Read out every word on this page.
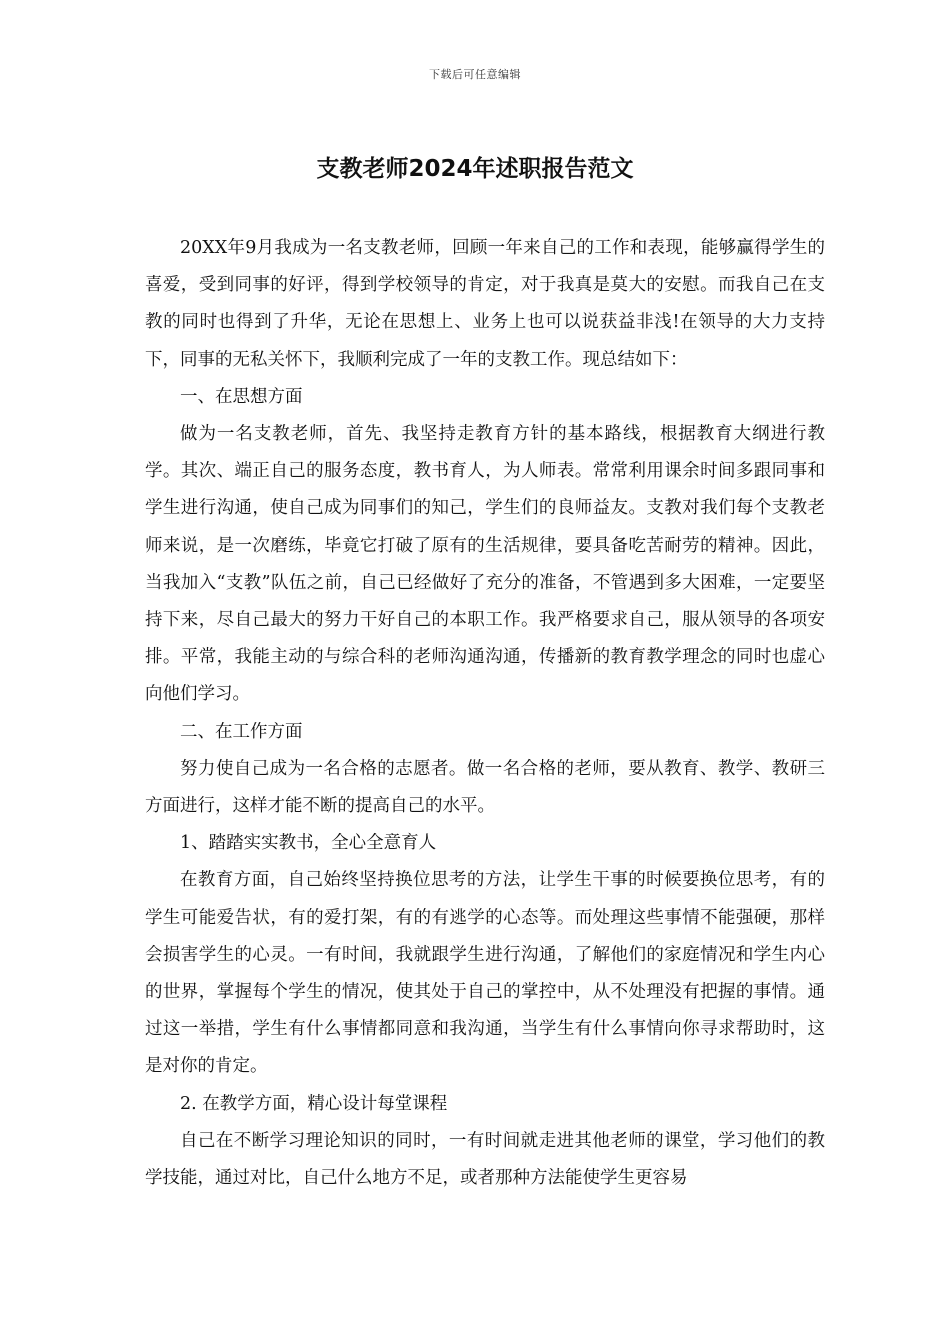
下载后可任意编辑
支教老师2024年述职报告范文

20XX年9月我成为一名支教老师，回顾一年来自己的工作和表现，能够赢得学生的喜爱，受到同事的好评，得到学校领导的肯定，对于我真是莫大的安慰。而我自己在支教的同时也得到了升华，无论在思想上、业务上也可以说获益非浅!在领导的大力支持下，同事的无私关怀下，我顺利完成了一年的支教工作。现总结如下：

一、在思想方面

做为一名支教老师，首先、我坚持走教育方针的基本路线，根据教育大纲进行教学。其次、端正自己的服务态度，教书育人，为人师表。常常利用课余时间多跟同事和学生进行沟通，使自己成为同事们的知己，学生们的良师益友。支教对我们每个支教老师来说，是一次磨练，毕竟它打破了原有的生活规律，要具备吃苦耐劳的精神。因此，当我加入“支教”队伍之前，自己已经做好了充分的准备，不管遇到多大困难，一定要坚持下来，尽自己最大的努力干好自己的本职工作。我严格要求自己，服从领导的各项安排。平常，我能主动的与综合科的老师沟通沟通，传播新的教育教学理念的同时也虚心向他们学习。

二、在工作方面

努力使自己成为一名合格的志愿者。做一名合格的老师，要从教育、教学、教研三方面进行，这样才能不断的提高自己的水平。

1、踏踏实实教书，全心全意育人

在教育方面，自己始终坚持换位思考的方法，让学生干事的时候要换位思考，有的学生可能爱告状，有的爱打架，有的有逃学的心态等。而处理这些事情不能强硬，那样会损害学生的心灵。一有时间，我就跟学生进行沟通，了解他们的家庭情况和学生内心的世界，掌握每个学生的情况，使其处于自己的掌控中，从不处理没有把握的事情。通过这一举措，学生有什么事情都同意和我沟通，当学生有什么事情向你寻求帮助时，这是对你的肯定。

2. 在教学方面，精心设计每堂课程

自己在不断学习理论知识的同时，一有时间就走进其他老师的课堂，学习他们的教学技能，通过对比，自己什么地方不足，或者那种方法能使学生更容易
